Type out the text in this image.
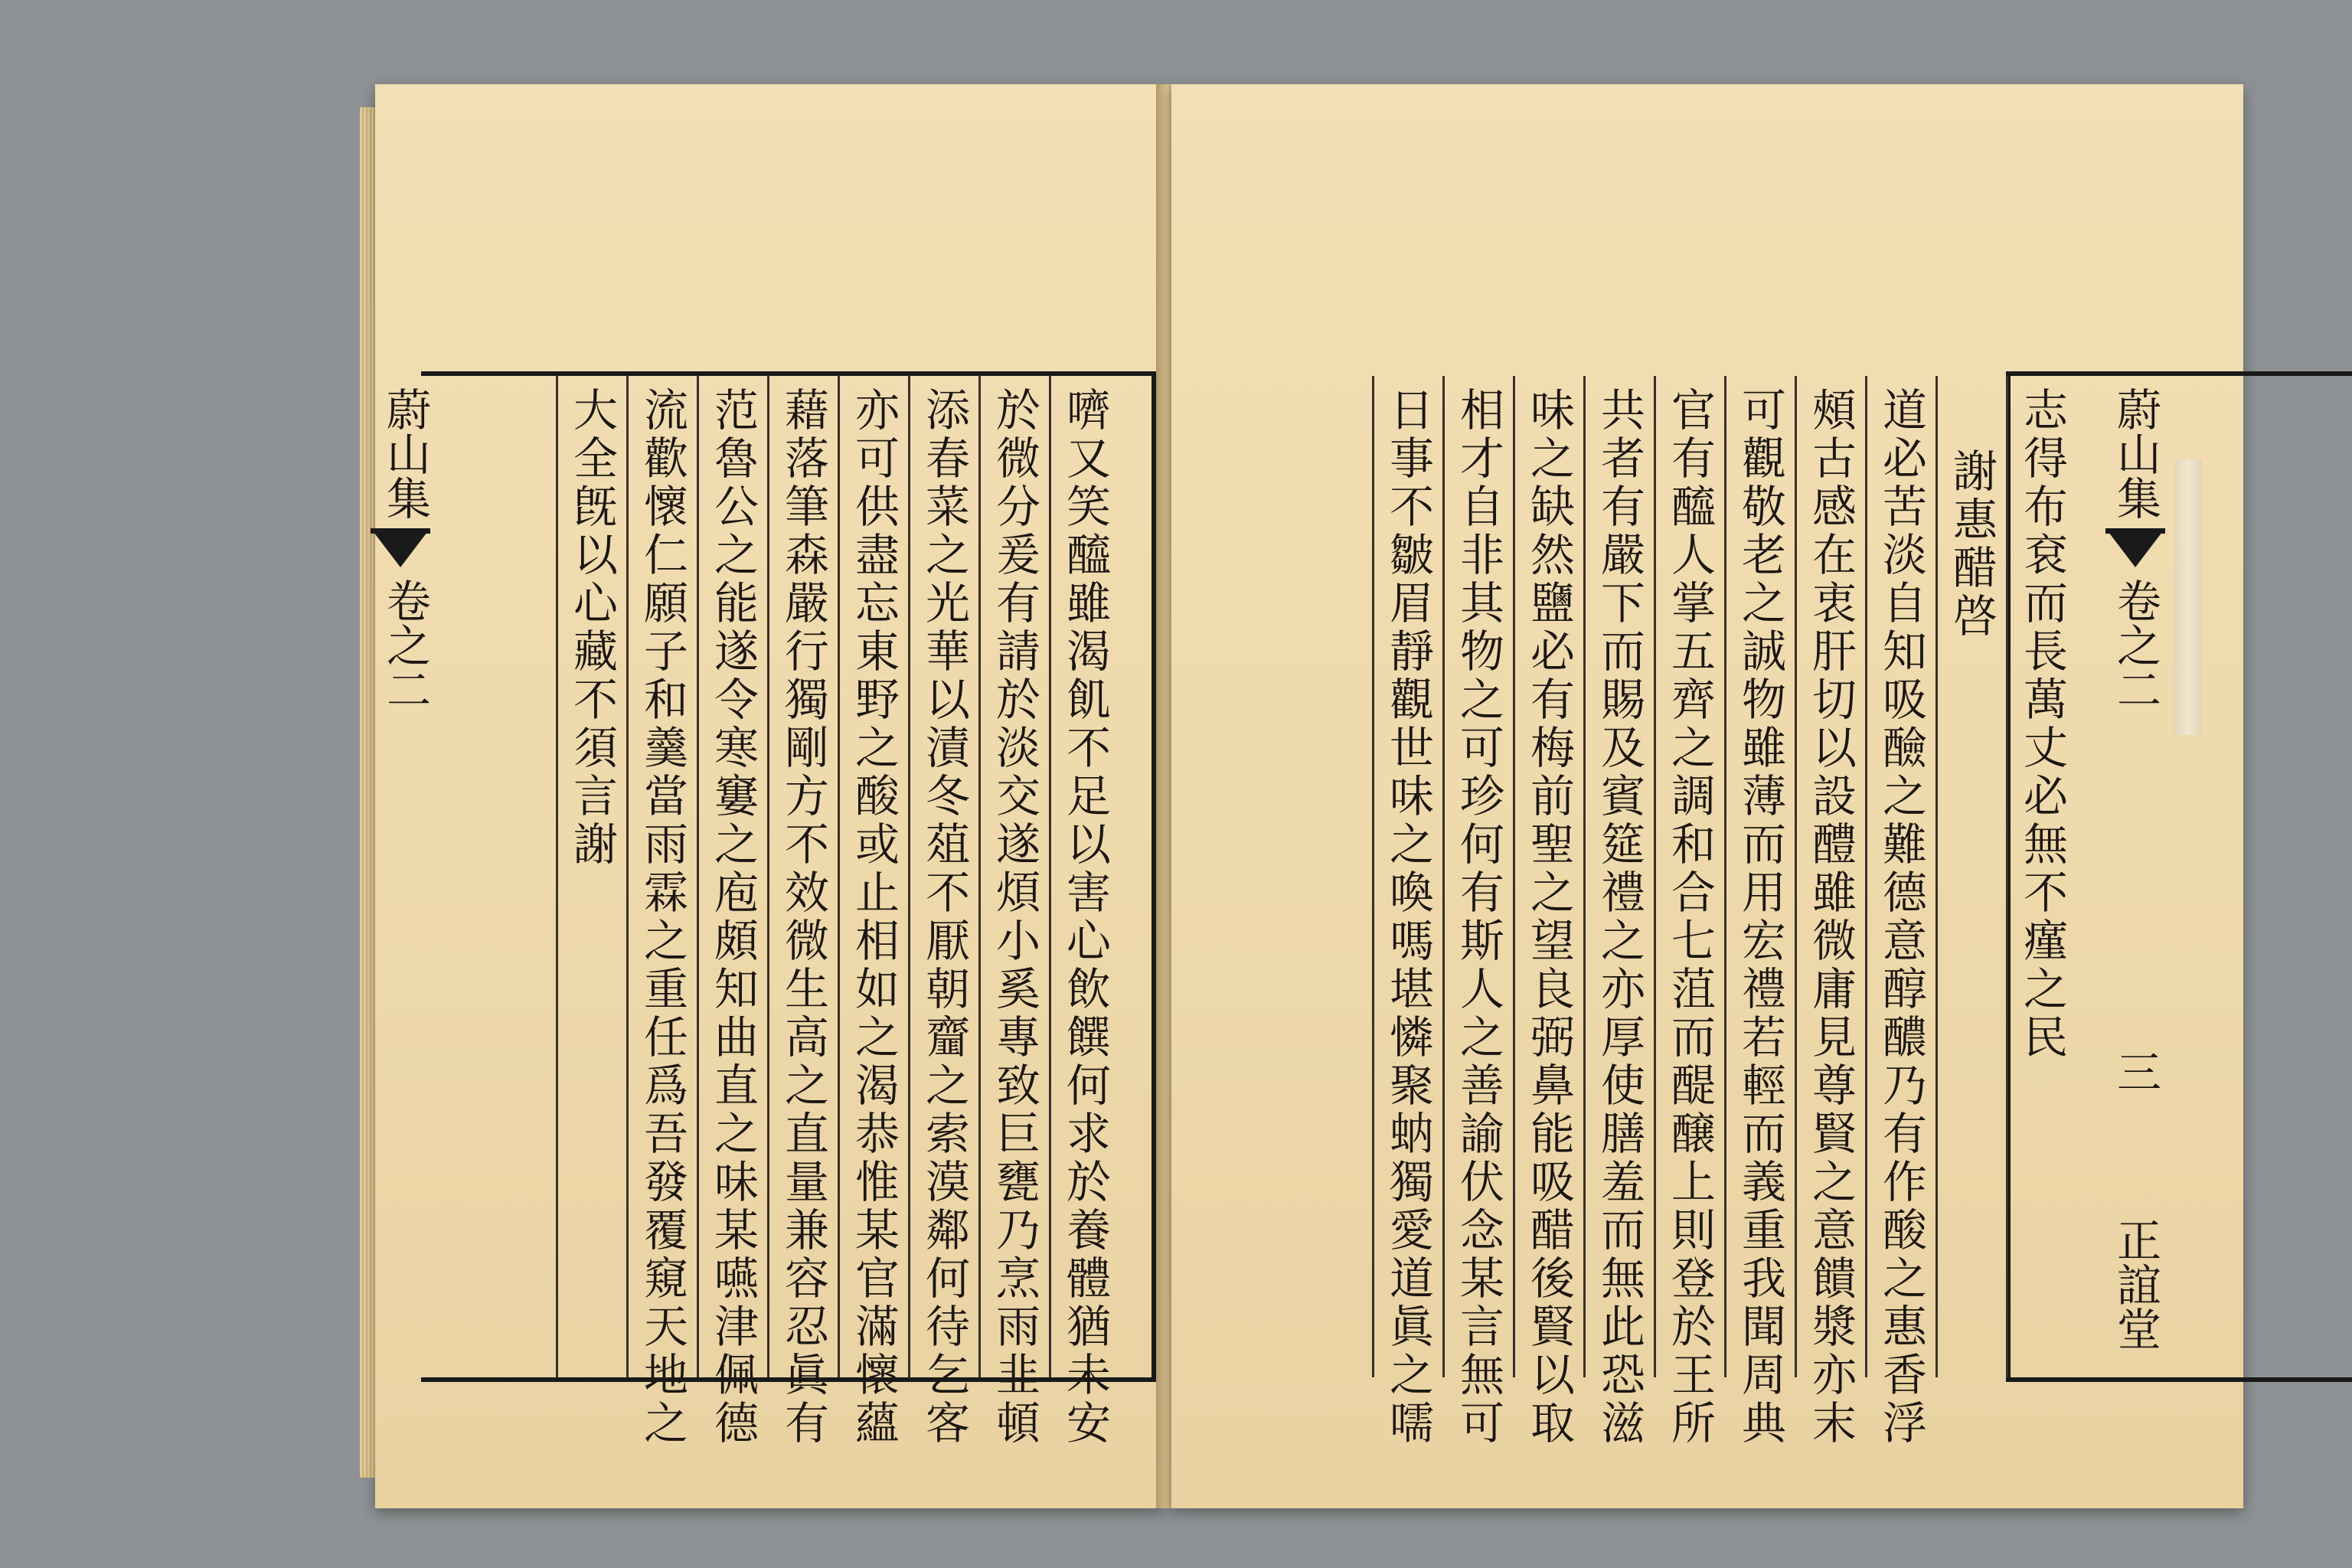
蔚山集
卷之二	嚌又笑醯雖渴飢不足以害心飲饌何求於養體猶未安
於微分爰有請於淡交遂煩小奚專致巨甕乃烹雨韭頓
添春菜之光華以漬冬葅不厭朝齏之索漠鄰何待乞客
亦可供盡忘東野之酸或止相如之渴恭惟某官滿懷蘊
藉落筆森嚴行獨剛方不效微生高之直量兼容忍眞有
范魯公之能遂令寒窶之庖頗知曲直之味某嚥津佩德
流歡懷仁願子和羹當雨霖之重任爲吾發覆窺天地之
大全旣以心藏不須言謝	志得布袞而長萬丈必無不瘽之民
謝惠醋啓
道必苦淡自知吸醶之難德意醇醲乃有作酸之惠香浮
頰古感在衷肝切以設醴雖微庸見尊賢之意饋漿亦末
可觀敬老之誠物雖薄而用宏禮若輕而義重我聞周典
官有醯人掌五齊之調和合七菹而醍醸上則登於王所
共者有嚴下而賜及賓筵禮之亦厚使膳羞而無此恐滋
味之缺然鹽必有梅前聖之望良弼鼻能吸醋後賢以取
相才自非其物之可珍何有斯人之善諭伏念某言無可
日事不皺眉靜觀世味之喚嗎堪憐聚蚋獨愛道眞之嚅	蔚山集
卷之二
三
正誼堂
